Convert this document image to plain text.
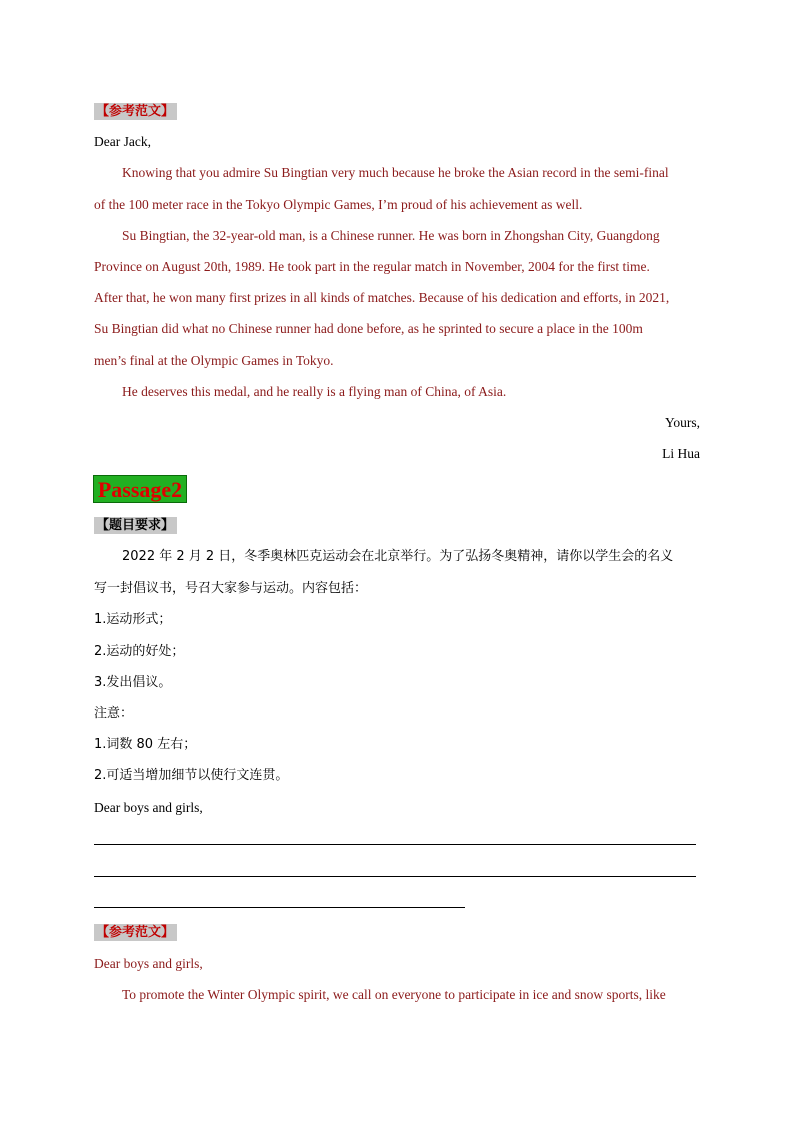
【参考范文】
Dear Jack,
Knowing that you admire Su Bingtian very much because he broke the Asian record in the semi-final
of the 100 meter race in the Tokyo Olympic Games, I’m proud of his achievement as well.
Su Bingtian, the 32-year-old man, is a Chinese runner. He was born in Zhongshan City, Guangdong
Province on August 20th, 1989. He took part in the regular match in November, 2004 for the first time.
After that, he won many first prizes in all kinds of matches. Because of his dedication and efforts, in 2021,
Su Bingtian did what no Chinese runner had done before, as he sprinted to secure a place in the 100m
men’s final at the Olympic Games in Tokyo.
He deserves this medal, and he really is a flying man of China, of Asia.
Yours,
Li Hua
Passage2
【题目要求】
2022 年 2 月 2 日，冬季奥林匹克运动会在北京举行。为了弘扬冬奥精神，请你以学生会的名义
写一封倡议书，号召大家参与运动。内容包括：
1.运动形式；
2.运动的好处；
3.发出倡议。
注意：
1.词数 80 左右；
2.可适当增加细节以使行文连贯。
Dear boys and girls,
【参考范文】
Dear boys and girls,
To promote the Winter Olympic spirit, we call on everyone to participate in ice and snow sports, like
